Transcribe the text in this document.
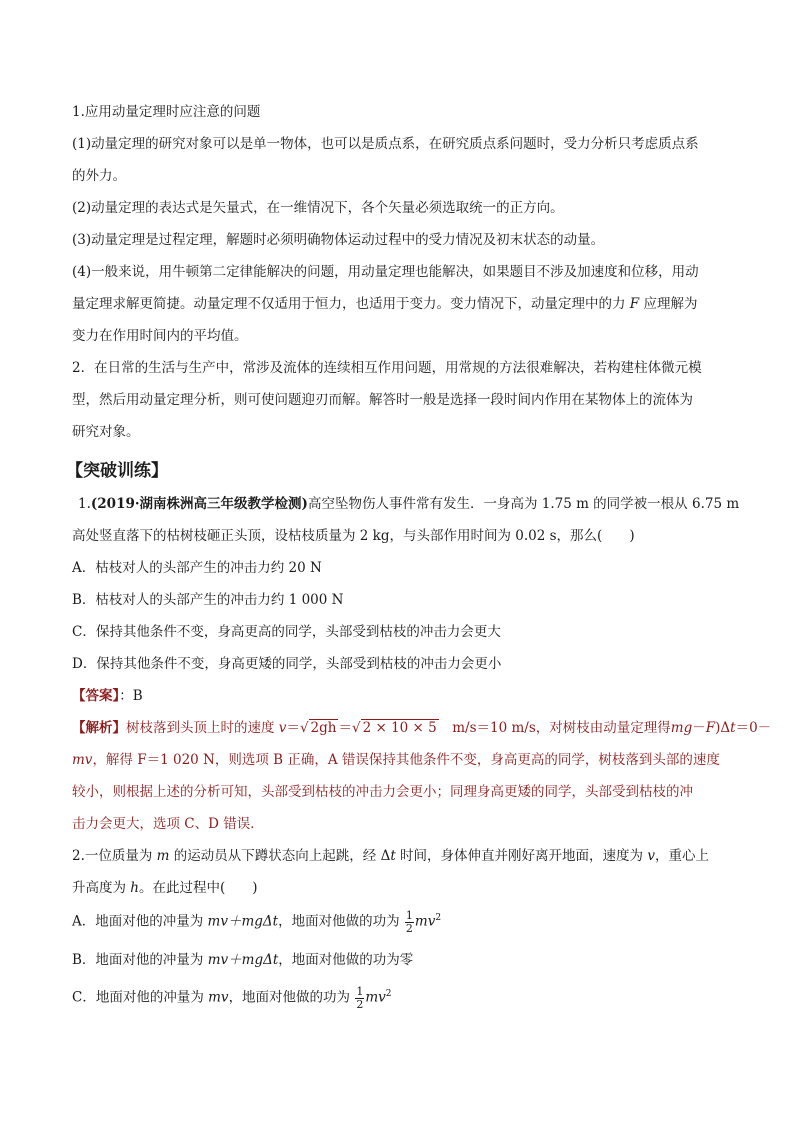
1.应用动量定理时应注意的问题
(1)动量定理的研究对象可以是单一物体，也可以是质点系，在研究质点系问题时，受力分析只考虑质点系
的外力。
(2)动量定理的表达式是矢量式，在一维情况下，各个矢量必须选取统一的正方向。
(3)动量定理是过程定理，解题时必须明确物体运动过程中的受力情况及初末状态的动量。
(4)一般来说，用牛顿第二定律能解决的问题，用动量定理也能解决，如果题目不涉及加速度和位移，用动
量定理求解更简捷。动量定理不仅适用于恒力，也适用于变力。变力情况下，动量定理中的力 F 应理解为
变力在作用时间内的平均值。
2．在日常的生活与生产中，常涉及流体的连续相互作用问题，用常规的方法很难解决，若构建柱体微元模
型，然后用动量定理分析，则可使问题迎刃而解。解答时一般是选择一段时间内作用在某物体上的流体为
研究对象。
【突破训练】
1.(2019·湖南株洲高三年级教学检测)高空坠物伤人事件常有发生．一身高为 1.75 m 的同学被一根从 6.75 m
高处竖直落下的枯树枝砸正头顶，设枯枝质量为 2 kg，与头部作用时间为 0.02 s，那么(　　)
A．枯枝对人的头部产生的冲击力约 20 N
B．枯枝对人的头部产生的冲击力约 1 000 N
C．保持其他条件不变，身高更高的同学，头部受到枯枝的冲击力会更大
D．保持其他条件不变，身高更矮的同学，头部受到枯枝的冲击力会更小
【答案】：B
【解析】树枝落到头顶上时的速度 v＝√ 2gh ＝√ 2 × 10 × 5　m/s＝10 m/s，对树枝由动量定理得mg－F)Δt＝0－
mv，解得 F＝1 020 N，则选项 B 正确，A 错误保持其他条件不变，身高更高的同学，树枝落到头部的速度
较小，则根据上述的分析可知，头部受到枯枝的冲击力会更小；同理身高更矮的同学，头部受到枯枝的冲
击力会更大，选项 C、D 错误．
2.一位质量为 m 的运动员从下蹲状态向上起跳，经 Δt 时间，身体伸直并刚好离开地面，速度为 v，重心上
升高度为 h。在此过程中(　　)
A．地面对他的冲量为 mv＋mgΔt，地面对他做的功为 $\frac{1}{2} mv^2$
B．地面对他的冲量为 mv＋mgΔt，地面对他做的功为零
C．地面对他的冲量为 mv，地面对他做的功为 $\frac{1}{2} mv^2$
